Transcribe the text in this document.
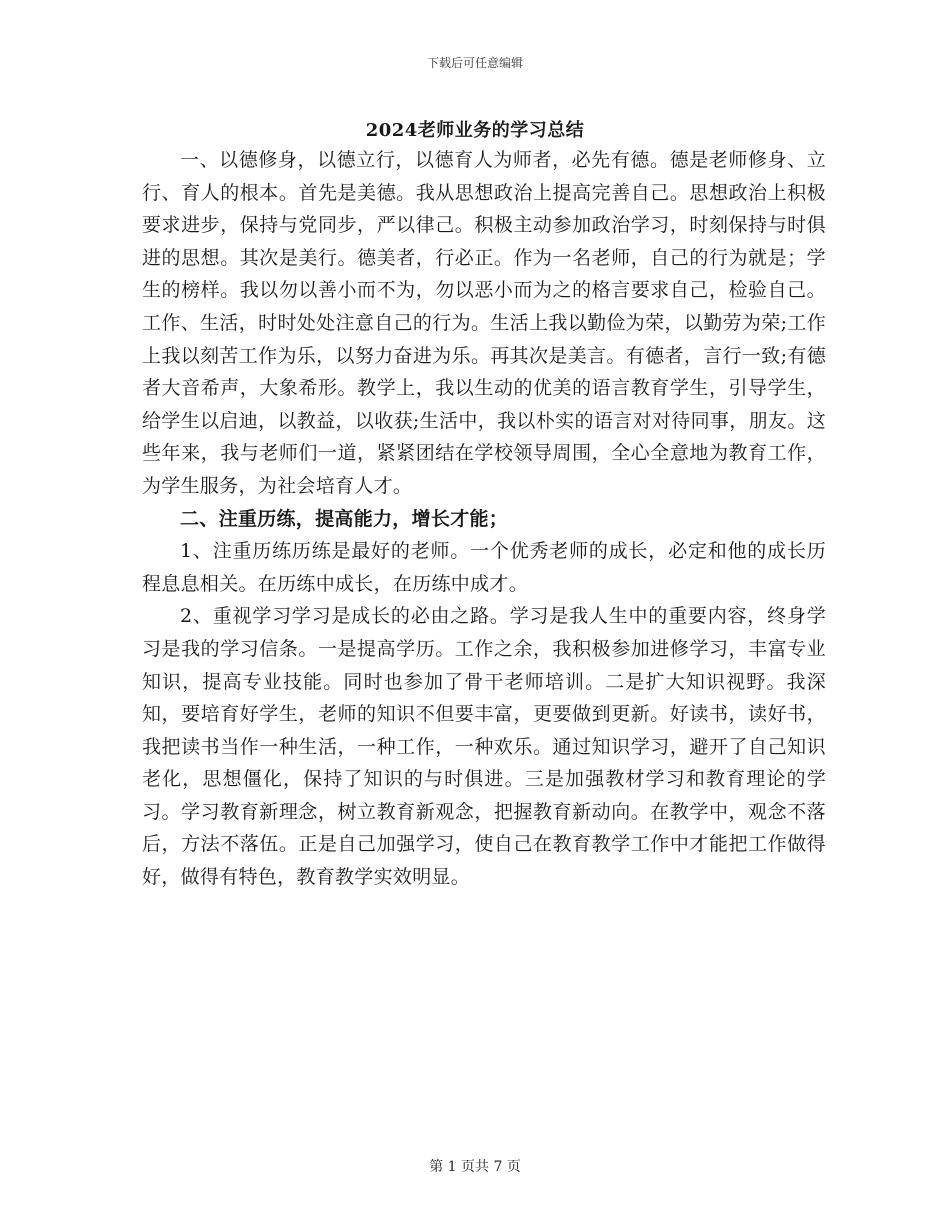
下载后可任意编辑
2024老师业务的学习总结

一、以德修身，以德立行，以德育人为师者，必先有德。德是老师修身、立行、育人的根本。首先是美德。我从思想政治上提高完善自己。思想政治上积极要求进步，保持与党同步，严以律己。积极主动参加政治学习，时刻保持与时俱进的思想。其次是美行。德美者，行必正。作为一名老师，自己的行为就是；学生的榜样。我以勿以善小而不为，勿以恶小而为之的格言要求自己，检验自己。工作、生活，时时处处注意自己的行为。生活上我以勤俭为荣，以勤劳为荣;工作上我以刻苦工作为乐，以努力奋进为乐。再其次是美言。有德者，言行一致;有德者大音希声，大象希形。教学上，我以生动的优美的语言教育学生，引导学生，给学生以启迪，以教益，以收获;生活中，我以朴实的语言对对待同事，朋友。这些年来，我与老师们一道，紧紧团结在学校领导周围，全心全意地为教育工作，为学生服务，为社会培育人才。

二、注重历练，提高能力，增长才能；

1、注重历练历练是最好的老师。一个优秀老师的成长，必定和他的成长历程息息相关。在历练中成长，在历练中成才。

2、重视学习学习是成长的必由之路。学习是我人生中的重要内容，终身学习是我的学习信条。一是提高学历。工作之余，我积极参加进修学习，丰富专业知识，提高专业技能。同时也参加了骨干老师培训。二是扩大知识视野。我深知，要培育好学生，老师的知识不但要丰富，更要做到更新。好读书，读好书，我把读书当作一种生活，一种工作，一种欢乐。通过知识学习，避开了自己知识老化，思想僵化，保持了知识的与时俱进。三是加强教材学习和教育理论的学习。学习教育新理念，树立教育新观念，把握教育新动向。在教学中，观念不落后，方法不落伍。正是自己加强学习，使自己在教育教学工作中才能把工作做得好，做得有特色，教育教学实效明显。

第 1 页共 7 页
